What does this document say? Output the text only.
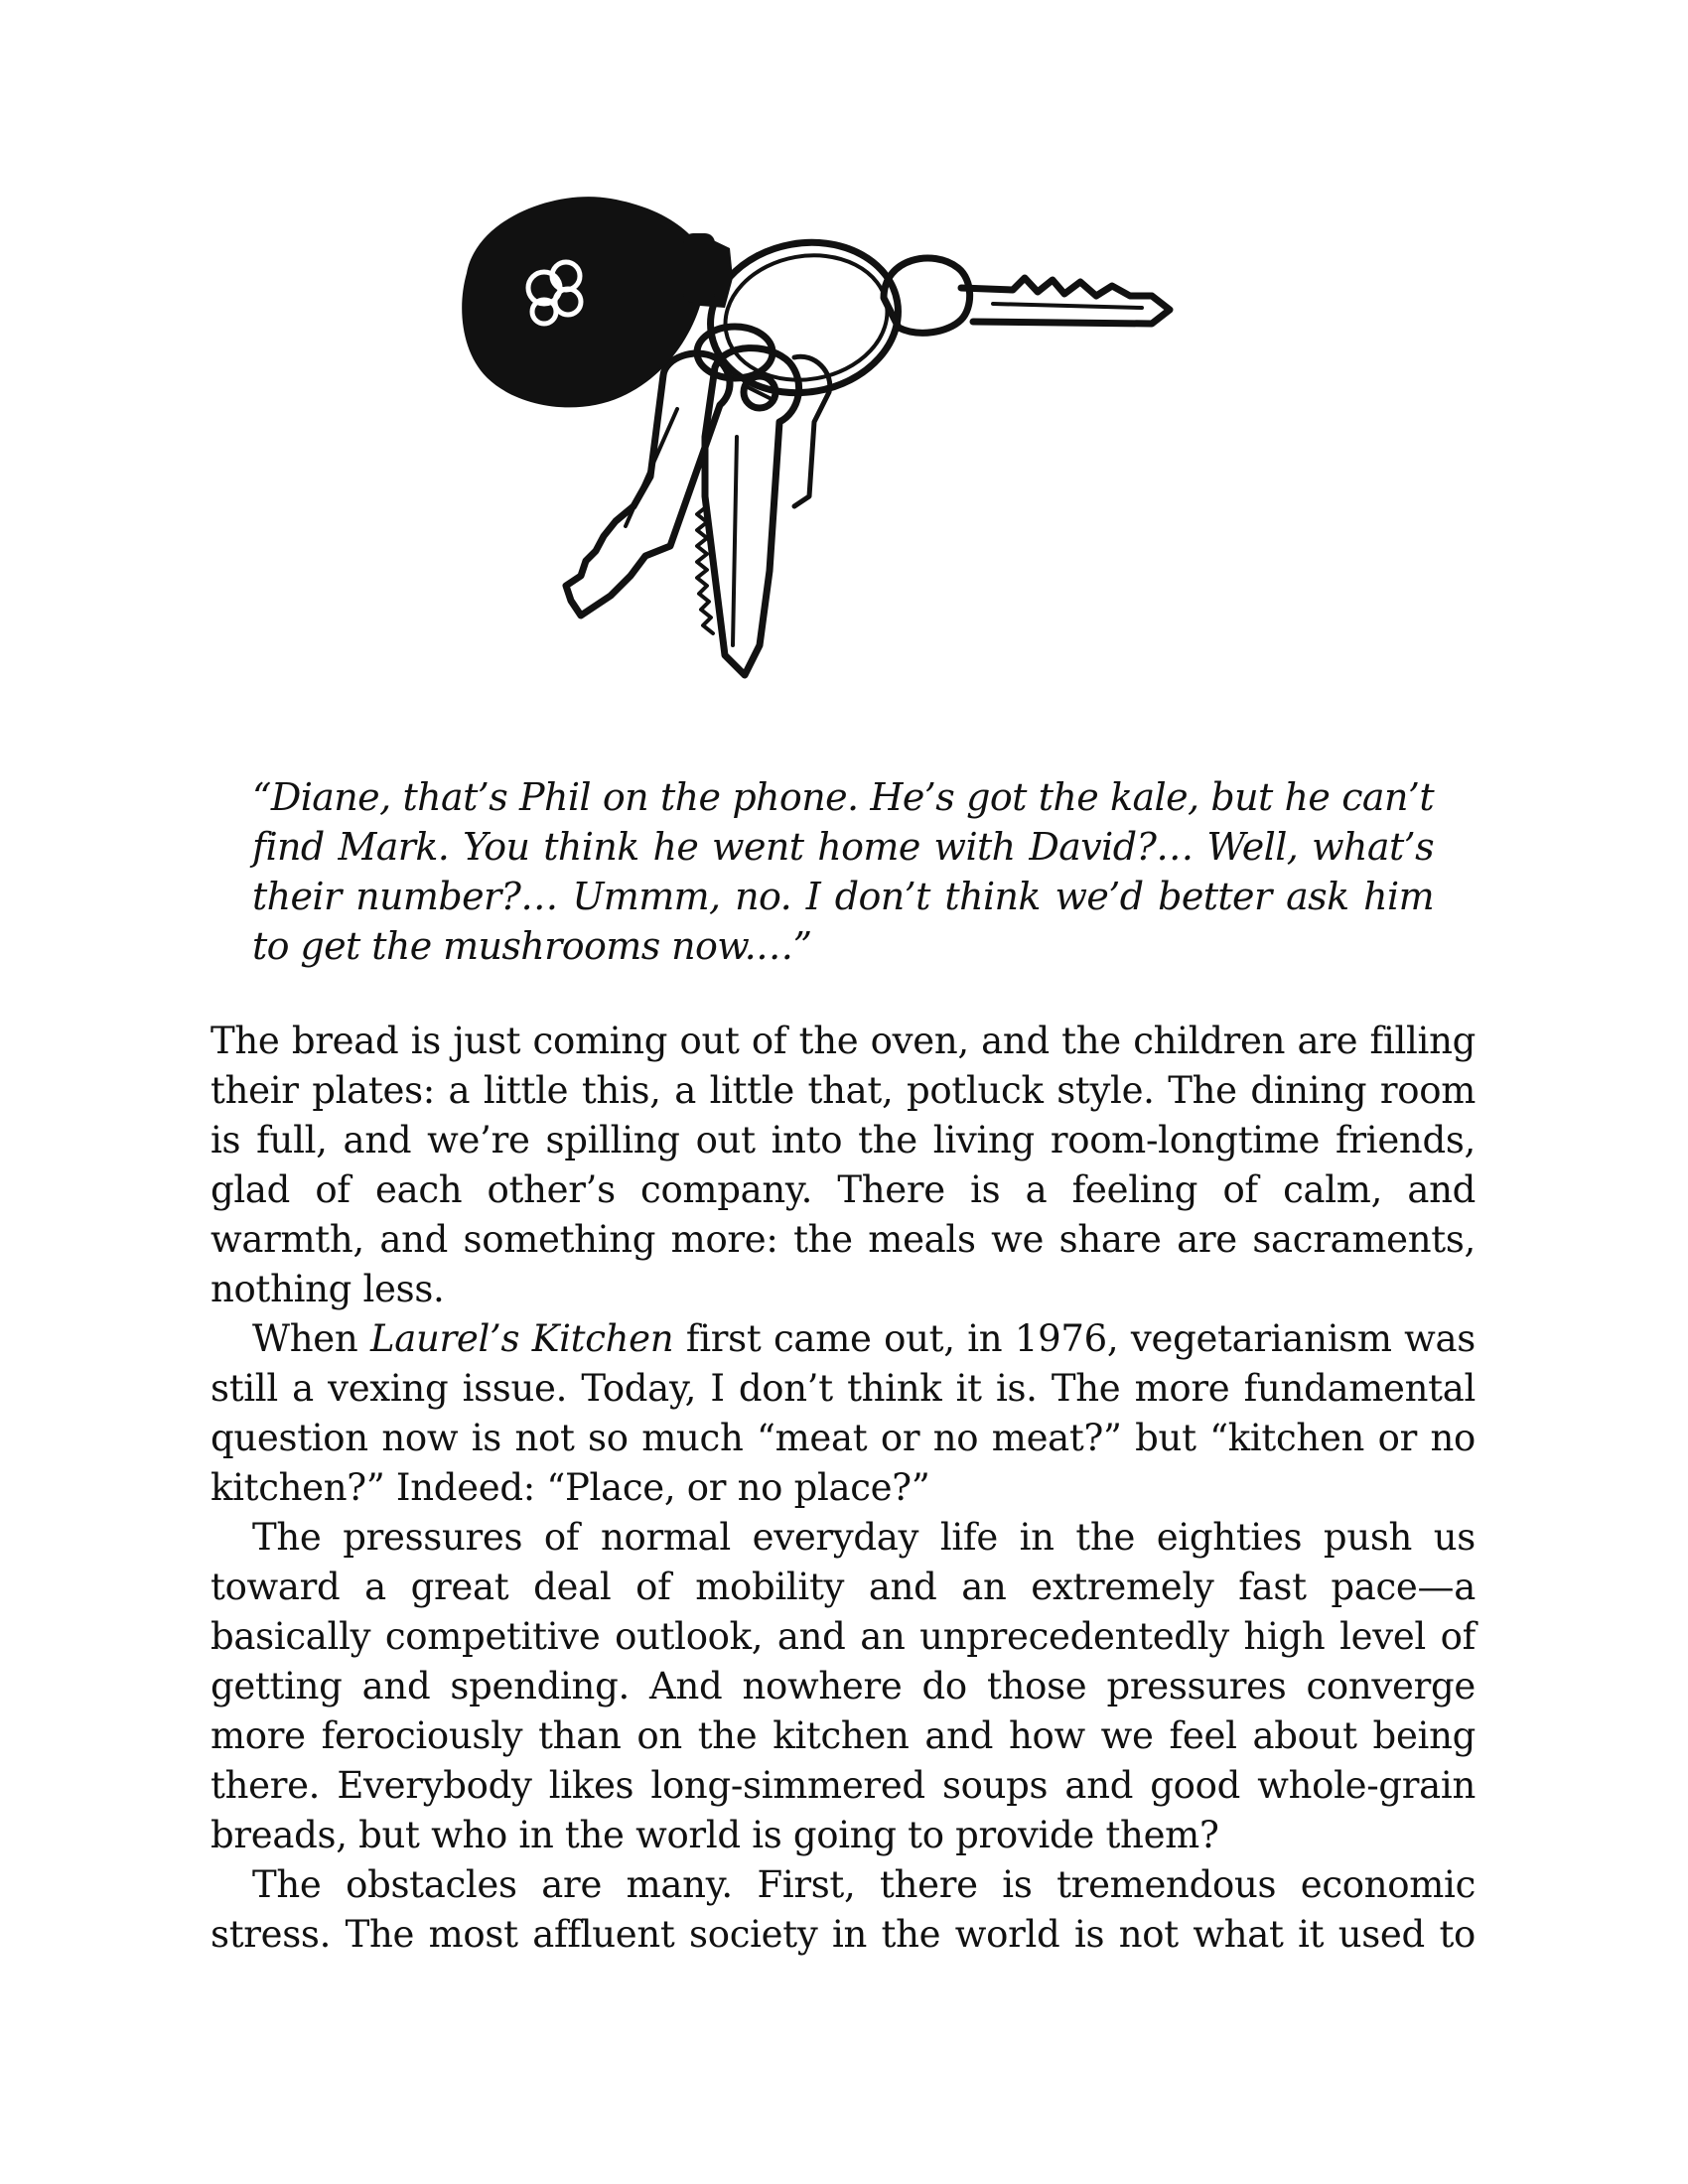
“Diane, that’s Phil on the phone. He’s got the kale, but he can’t find Mark. You think he went home with David?… Well, what’s their number?… Ummm, no. I don’t think we’d better ask him to get the mushrooms now.…”

The bread is just coming out of the oven, and the children are filling their plates: a little this, a little that, potluck style. The dining room is full, and we’re spilling out into the living room-longtime friends, glad of each other’s company. There is a feeling of calm, and warmth, and something more: the meals we share are sacraments, nothing less.

When Laurel’s Kitchen first came out, in 1976, vegetarianism was still a vexing issue. Today, I don’t think it is. The more fundamental question now is not so much “meat or no meat?” but “kitchen or no kitchen?” Indeed: “Place, or no place?”

The pressures of normal everyday life in the eighties push us toward a great deal of mobility and an extremely fast pace—a basically competitive outlook, and an unprecedentedly high level of getting and spending. And nowhere do those pressures converge more ferociously than on the kitchen and how we feel about being there. Everybody likes long-simmered soups and good whole-grain breads, but who in the world is going to provide them?

The obstacles are many. First, there is tremendous economic stress. The most affluent society in the world is not what it used to
